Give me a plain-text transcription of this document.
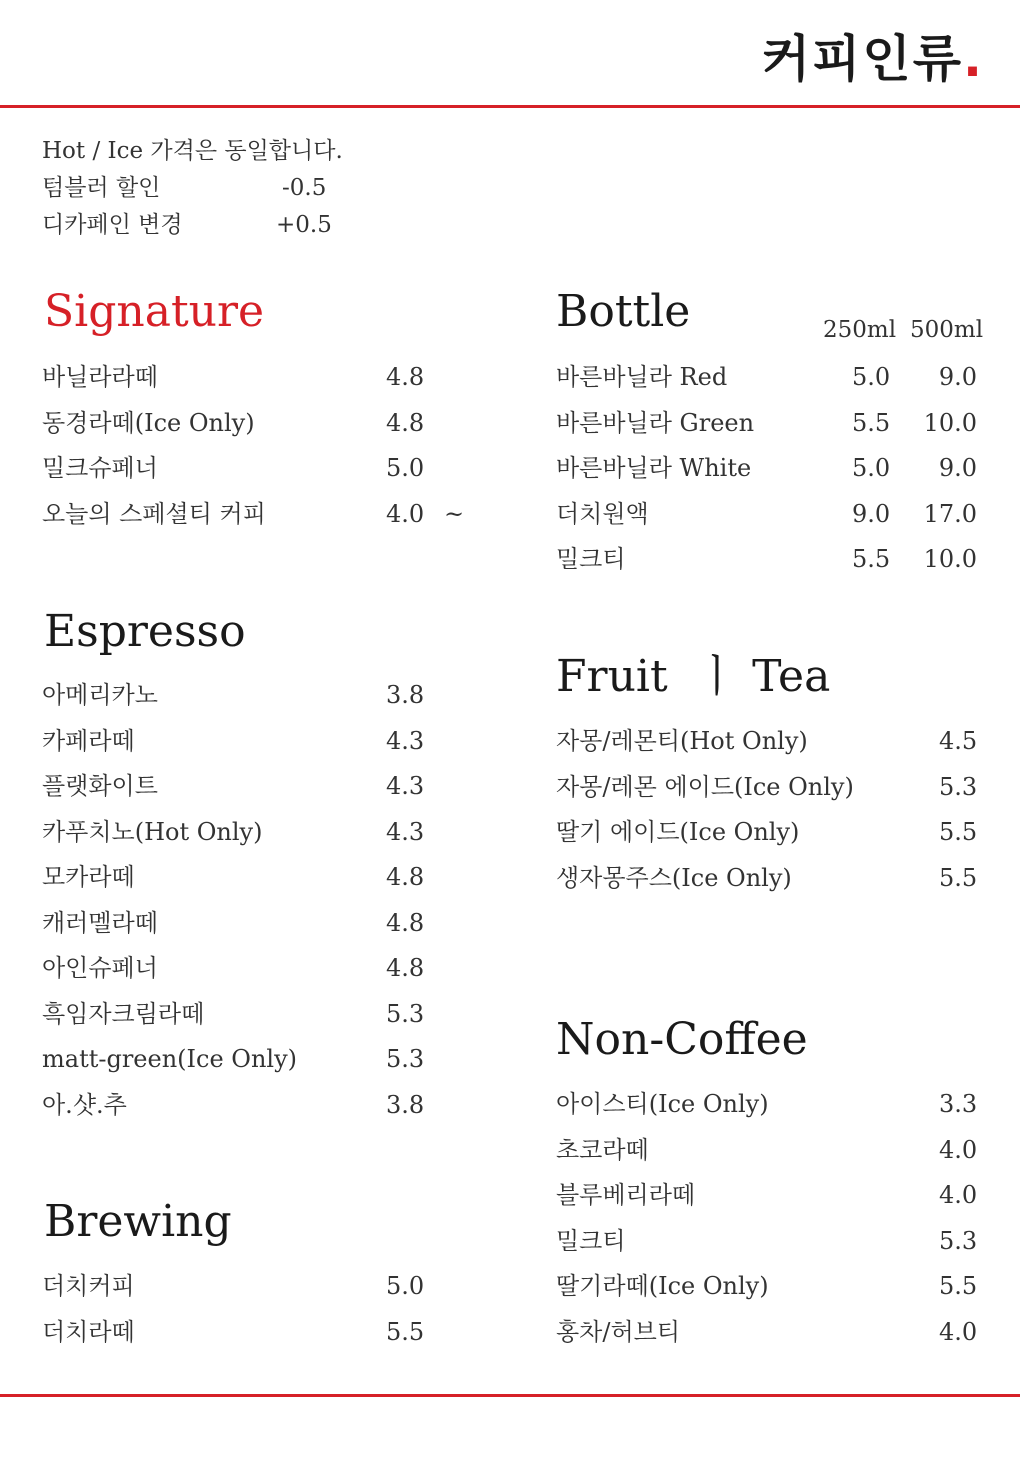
커피인류.
Hot / Ice 가격은 동일합니다.
텀블러 할인	-0.5
디카페인 변경	+0.5
Signature
바닐라라떼	4.8
동경라떼(Ice Only)	4.8
밀크슈페너	5.0
오늘의 스페셜티 커피	4.0 ~
Espresso
아메리카노	3.8
카페라떼	4.3
플랫화이트	4.3
카푸치노(Hot Only)	4.3
모카라떼	4.8
캐러멜라떼	4.8
아인슈페너	4.8
흑임자크림라떼	5.3
matt-green(Ice Only)	5.3
아.샷.추	3.8
Brewing
더치커피	5.0
더치라떼	5.5
Bottle	250ml 500ml
바른바닐라 Red	5.0	9.0
바른바닐라 Green	5.5 10.0
바른바닐라 White	5.0	9.0
더치원액	9.0 17.0
밀크티	5.5 10.0
Fruit  ㅣ Tea
자몽/레몬티(Hot Only)	4.5
자몽/레몬 에이드(Ice Only)	5.3
딸기 에이드(Ice Only)	5.5
생자몽주스(Ice Only)	5.5
Non-Coffee
아이스티(Ice Only)	3.3
초코라떼	4.0
블루베리라떼	4.0
밀크티	5.3
딸기라떼(Ice Only)	5.5
홍차/허브티	4.0
